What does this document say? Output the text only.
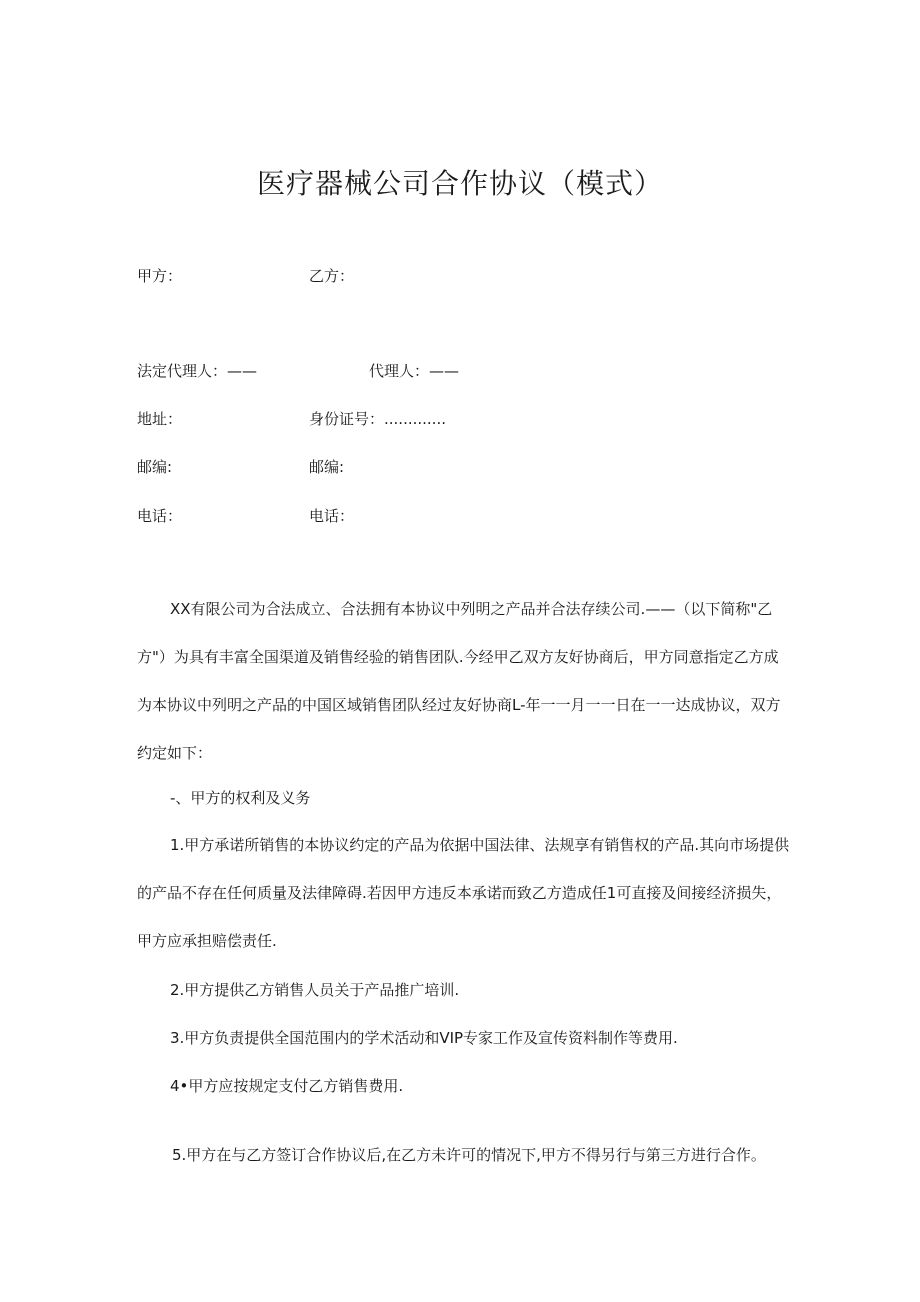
医疗器械公司合作协议（模式）
甲方：	乙方：
法定代理人：——	代理人：——
地址：	身份证号：.............
邮编:	邮编:
电话：	电话：

XX有限公司为合法成立、合法拥有本协议中列明之产品并合法存续公司.——（以下简称"乙方"）为具有丰富全国渠道及销售经验的销售团队.今经甲乙双方友好协商后，甲方同意指定乙方成为本协议中列明之产品的中国区域销售团队经过友好协商L-年一一月一一日在一一达成协议，双方约定如下：

-、甲方的权利及义务

1.甲方承诺所销售的本协议约定的产品为依据中国法律、法规享有销售权的产品.其向市场提供的产品不存在任何质量及法律障碍.若因甲方违反本承诺而致乙方造成任1可直接及间接经济损失，甲方应承担赔偿责任.

2.甲方提供乙方销售人员关于产品推广培训.
3.甲方负责提供全国范围内的学术活动和VIP专家工作及宣传资料制作等费用.
4•甲方应按规定支付乙方销售费用.
5.甲方在与乙方签订合作协议后,在乙方未许可的情况下,甲方不得另行与第三方进行合作。
